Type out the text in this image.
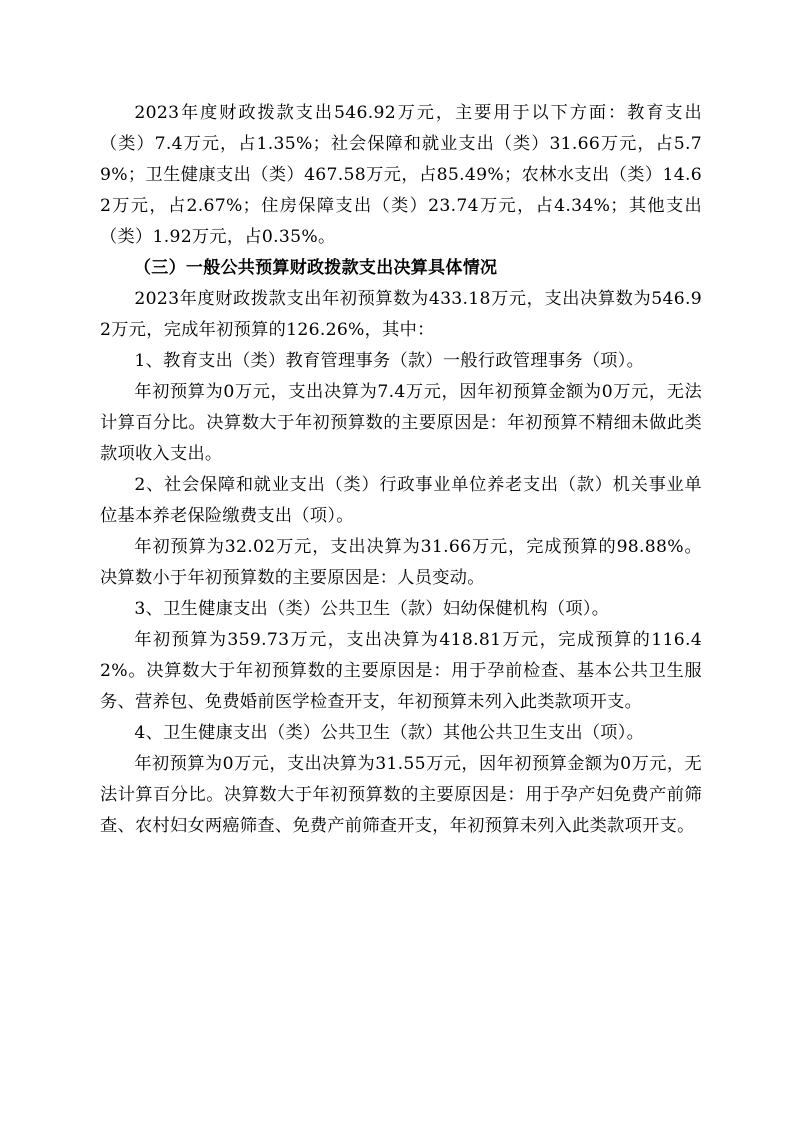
2023年度财政拨款支出546.92万元，主要用于以下方面：教育支出（类）7.4万元，占1.35%；社会保障和就业支出（类）31.66万元，占5.79%；卫生健康支出（类）467.58万元，占85.49%；农林水支出（类）14.62万元，占2.67%；住房保障支出（类）23.74万元，占4.34%；其他支出（类）1.92万元，占0.35%。

（三）一般公共预算财政拨款支出决算具体情况

2023年度财政拨款支出年初预算数为433.18万元，支出决算数为546.92万元，完成年初预算的126.26%，其中：

1、教育支出（类）教育管理事务（款）一般行政管理事务（项）。

年初预算为0万元，支出决算为7.4万元，因年初预算金额为0万元，无法计算百分比。决算数大于年初预算数的主要原因是：年初预算不精细未做此类款项收入支出。

2、社会保障和就业支出（类）行政事业单位养老支出（款）机关事业单位基本养老保险缴费支出（项）。

年初预算为32.02万元，支出决算为31.66万元，完成预算的98.88%。决算数小于年初预算数的主要原因是：人员变动。

3、卫生健康支出（类）公共卫生（款）妇幼保健机构（项）。

年初预算为359.73万元，支出决算为418.81万元，完成预算的116.42%。决算数大于年初预算数的主要原因是：用于孕前检查、基本公共卫生服务、营养包、免费婚前医学检查开支，年初预算未列入此类款项开支。

4、卫生健康支出（类）公共卫生（款）其他公共卫生支出（项）。

年初预算为0万元，支出决算为31.55万元，因年初预算金额为0万元，无法计算百分比。决算数大于年初预算数的主要原因是：用于孕产妇免费产前筛查、农村妇女两癌筛查、免费产前筛查开支，年初预算未列入此类款项开支。
